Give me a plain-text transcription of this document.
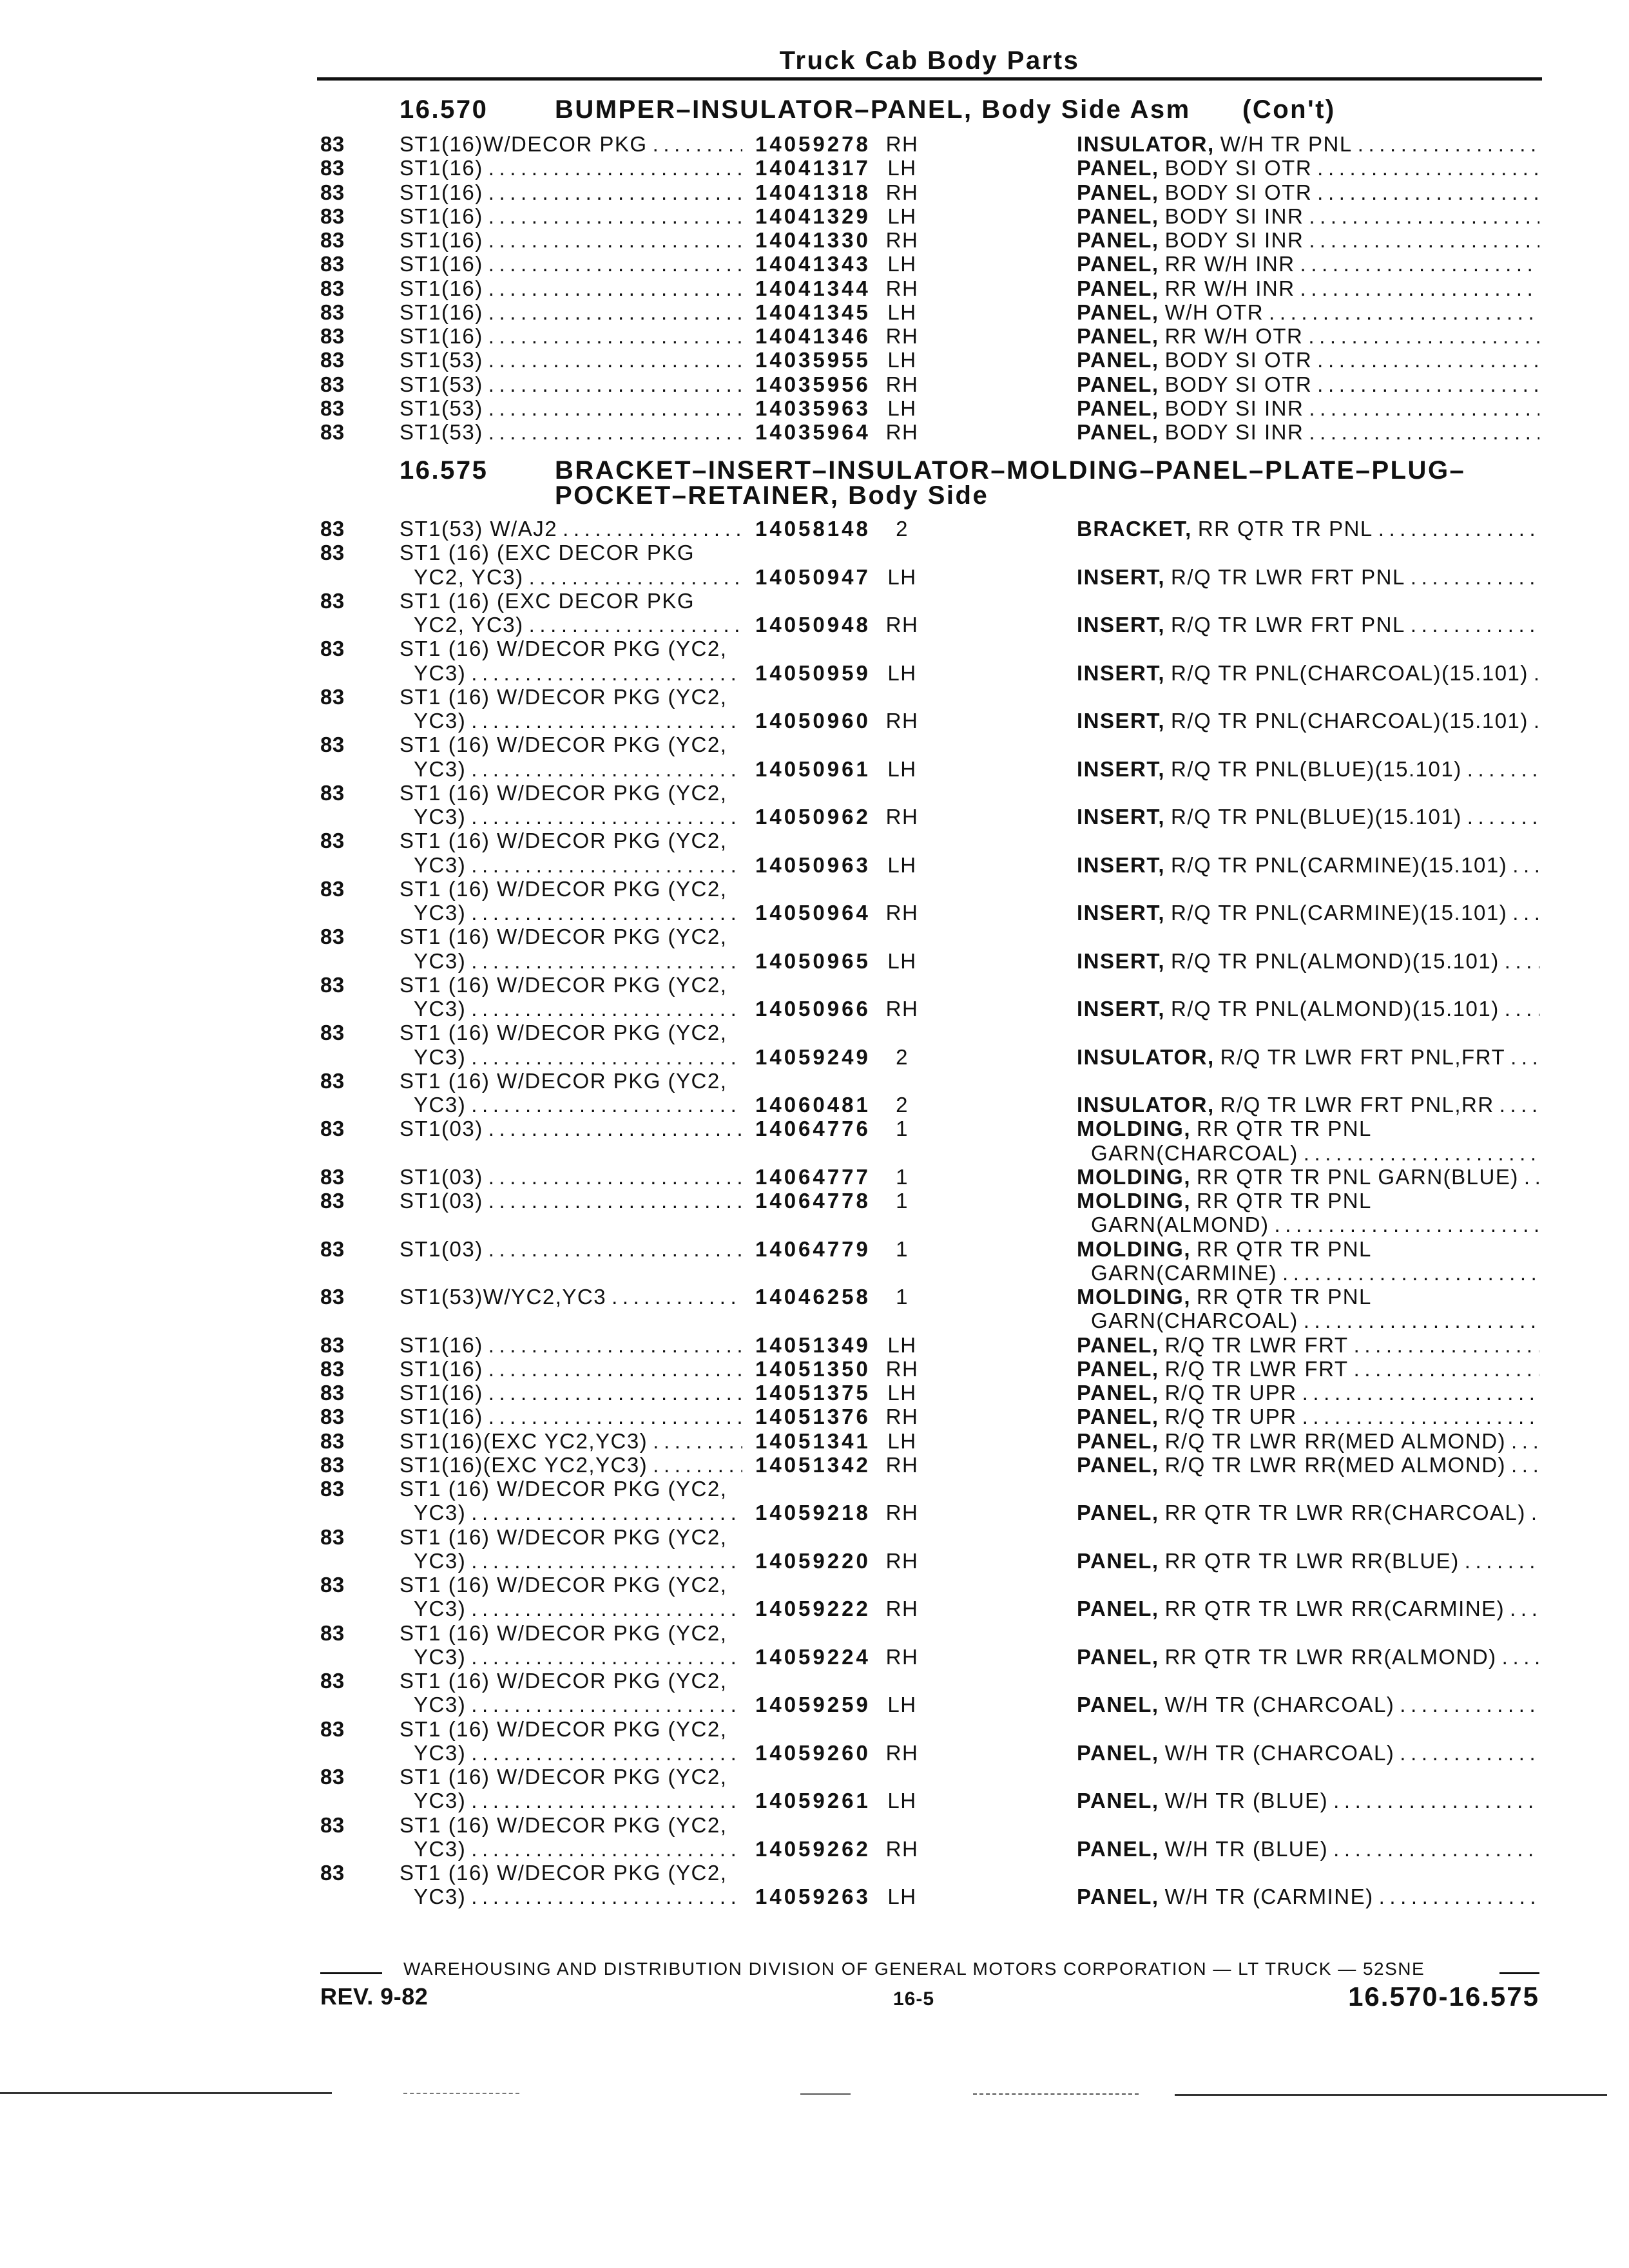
Truck Cab Body Parts
WAREHOUSING AND DISTRIBUTION DIVISION OF GENERAL MOTORS CORPORATION — LT TRUCK — 52SNE
REV. 9-82	16-5	16.570-16.575
16.570	BUMPER–INSULATOR–PANEL, Body Side Asm	(Con't)
83	ST1(16)W/DECOR PKG .....	14059278 RH	INSULATOR, W/H TR PNL
.....
83	ST1(16) .....	14041317 LH	PANEL, BODY SI OTR
.....
83	ST1(16) .....	14041318 RH	PANEL, BODY SI OTR
.....
83	ST1(16) .....	14041329 LH	PANEL, BODY SI INR
.....
83	ST1(16) .....	14041330 RH	PANEL, BODY SI INR
.....
83	ST1(16) .....	14041343 LH	PANEL, RR W/H INR
.....
83	ST1(16) .....	14041344 RH	PANEL, RR W/H INR
.....
83	ST1(16) .....	14041345 LH	PANEL, W/H OTR
.....
83	ST1(16) .....	14041346 RH	PANEL, RR W/H OTR
.....
83	ST1(53) .....	14035955 LH	PANEL, BODY SI OTR
.....
83	ST1(53) .....	14035956 RH	PANEL, BODY SI OTR
.....
83	ST1(53) .....	14035963 LH	PANEL, BODY SI INR
.....
83	ST1(53) .....	14035964 RH	PANEL, BODY SI INR
.....
16.575	BRACKET–INSERT–INSULATOR–MOLDING–PANEL–PLATE–PLUG–
POCKET–RETAINER, Body Side
83	ST1(53) W/AJ2 .....	14058148	2	BRACKET, RR QTR TR PNL
.....
83	ST1 (16) (EXC DECOR PKG
YC2, YC3) .....	14050947 LH	INSERT, R/Q TR LWR FRT PNL
.....
83	ST1 (16) (EXC DECOR PKG
YC2, YC3) .....	14050948 RH	INSERT, R/Q TR LWR FRT PNL
.....
83	ST1 (16) W/DECOR PKG (YC2,
YC3) .....	14050959 LH	INSERT, R/Q TR PNL(CHARCOAL)(15.101)
.....
83	ST1 (16) W/DECOR PKG (YC2,
YC3) .....	14050960 RH	INSERT, R/Q TR PNL(CHARCOAL)(15.101)
.....
83	ST1 (16) W/DECOR PKG (YC2,
YC3) .....	14050961 LH	INSERT, R/Q TR PNL(BLUE)(15.101)
.....
83	ST1 (16) W/DECOR PKG (YC2,
YC3) .....	14050962 RH	INSERT, R/Q TR PNL(BLUE)(15.101)
.....
83	ST1 (16) W/DECOR PKG (YC2,
YC3) .....	14050963 LH	INSERT, R/Q TR PNL(CARMINE)(15.101)
.....
83	ST1 (16) W/DECOR PKG (YC2,
YC3) .....	14050964 RH	INSERT, R/Q TR PNL(CARMINE)(15.101)
.....
83	ST1 (16) W/DECOR PKG (YC2,
YC3) .....	14050965 LH	INSERT, R/Q TR PNL(ALMOND)(15.101)
.....
83	ST1 (16) W/DECOR PKG (YC2,
YC3) .....	14050966 RH	INSERT, R/Q TR PNL(ALMOND)(15.101)
.....
83	ST1 (16) W/DECOR PKG (YC2,
YC3) .....	14059249	2	INSULATOR, R/Q TR LWR FRT PNL,FRT
.....
83	ST1 (16) W/DECOR PKG (YC2,
YC3) .....	14060481	2	INSULATOR, R/Q TR LWR FRT PNL,RR
.....
83	ST1(03) .....	14064776	1	MOLDING, RR QTR TR PNL
GARN(CHARCOAL)
.....
83	ST1(03) .....	14064777	1	MOLDING, RR QTR TR PNL GARN(BLUE)
.....
83	ST1(03) .....	14064778	1	MOLDING, RR QTR TR PNL
GARN(ALMOND)
.....
83	ST1(03) .....	14064779	1	MOLDING, RR QTR TR PNL
GARN(CARMINE)
.....
83	ST1(53)W/YC2,YC3 .....	14046258	1	MOLDING, RR QTR TR PNL
GARN(CHARCOAL)
.....
83	ST1(16) .....	14051349 LH	PANEL, R/Q TR LWR FRT
.....
83	ST1(16) .....	14051350 RH	PANEL, R/Q TR LWR FRT
.....
83	ST1(16) .....	14051375 LH	PANEL, R/Q TR UPR
.....
83	ST1(16) .....	14051376 RH	PANEL, R/Q TR UPR
.....
83	ST1(16)(EXC YC2,YC3) .....	14051341 LH	PANEL, R/Q TR LWR RR(MED ALMOND)
.....
83	ST1(16)(EXC YC2,YC3) .....	14051342 RH	PANEL, R/Q TR LWR RR(MED ALMOND)
.....
83	ST1 (16) W/DECOR PKG (YC2,
YC3) .....	14059218 RH	PANEL, RR QTR TR LWR RR(CHARCOAL)
.....
83	ST1 (16) W/DECOR PKG (YC2,
YC3) .....	14059220 RH	PANEL, RR QTR TR LWR RR(BLUE)
.....
83	ST1 (16) W/DECOR PKG (YC2,
YC3) .....	14059222 RH	PANEL, RR QTR TR LWR RR(CARMINE)
.....
83	ST1 (16) W/DECOR PKG (YC2,
YC3) .....	14059224 RH	PANEL, RR QTR TR LWR RR(ALMOND)
.....
83	ST1 (16) W/DECOR PKG (YC2,
YC3) .....	14059259 LH	PANEL, W/H TR (CHARCOAL)
.....
83	ST1 (16) W/DECOR PKG (YC2,
YC3) .....	14059260 RH	PANEL, W/H TR (CHARCOAL)
.....
83	ST1 (16) W/DECOR PKG (YC2,
YC3) .....	14059261 LH	PANEL, W/H TR (BLUE)
.....
83	ST1 (16) W/DECOR PKG (YC2,
YC3) .....	14059262 RH	PANEL, W/H TR (BLUE)
.....
83	ST1 (16) W/DECOR PKG (YC2,
YC3) .....	14059263 LH	PANEL, W/H TR (CARMINE)
.....
